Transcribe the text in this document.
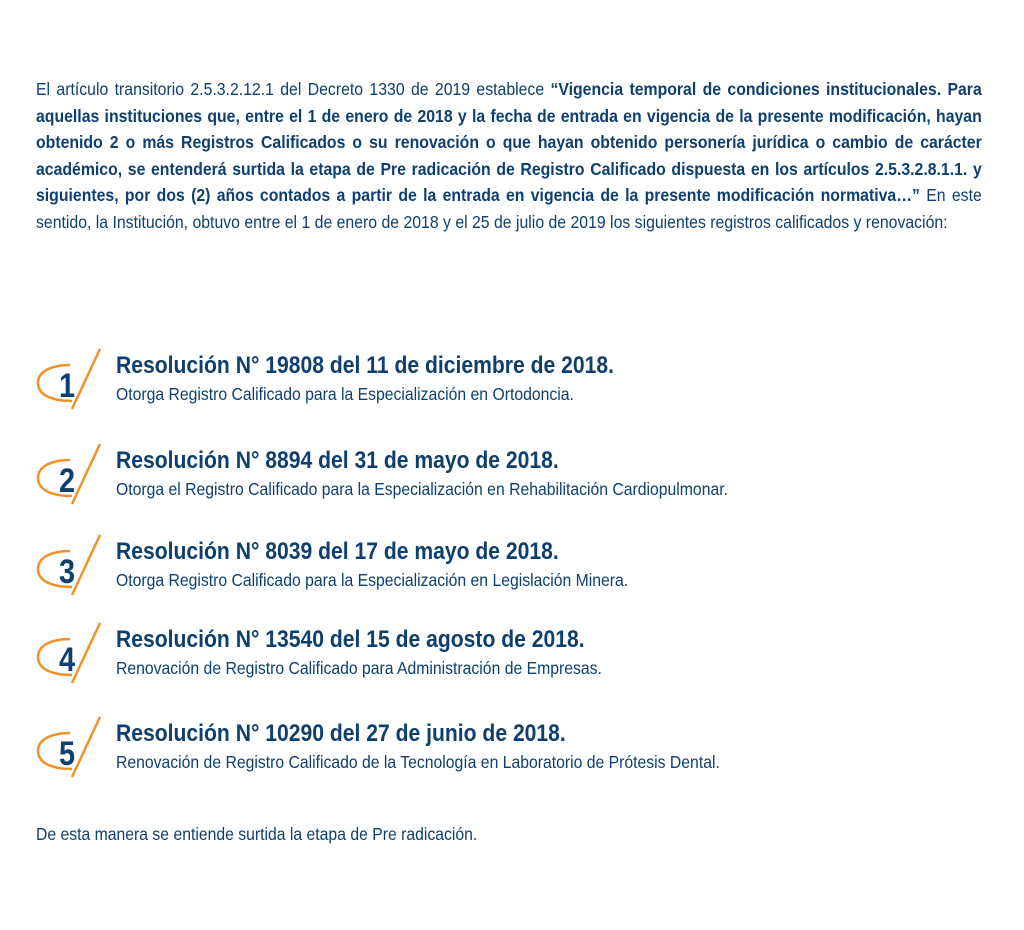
El artículo transitorio 2.5.3.2.12.1 del Decreto 1330 de 2019 establece “Vigencia temporal de condiciones institucionales. Para aquellas instituciones que, entre el 1 de enero de 2018 y la fecha de entrada en vigencia de la presente modificación, hayan obtenido 2 o más Registros Calificados o su renovación o que hayan obtenido personería jurídica o cambio de carácter académico, se entenderá surtida la etapa de Pre radicación de Registro Calificado dispuesta en los artículos 2.5.3.2.8.1.1. y siguientes, por dos (2) años contados a partir de la entrada en vigencia de la presente modificación normativa…” En este sentido, la Institución, obtuvo entre el 1 de enero de 2018 y el 25 de julio de 2019 los siguientes registros calificados y renovación:

1
Resolución N° 19808 del 11 de diciembre de 2018.
Otorga Registro Calificado para la Especialización en Ortodoncia.
2
Resolución N° 8894 del 31 de mayo de 2018.
Otorga el Registro Calificado para la Especialización en Rehabilitación Cardiopulmonar.
3
Resolución N° 8039 del 17 de mayo de 2018.
Otorga Registro Calificado para la Especialización en Legislación Minera.
4
Resolución N° 13540 del 15 de agosto de 2018.
Renovación de Registro Calificado para Administración de Empresas.
5
Resolución N° 10290 del 27 de junio de 2018.
Renovación de Registro Calificado de la Tecnología en Laboratorio de Prótesis Dental.
De esta manera se entiende surtida la etapa de Pre radicación.
